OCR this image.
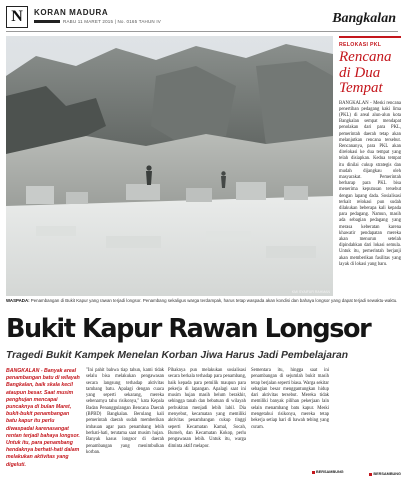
N KORAN MADURA
RABU 11 MARET 2015 | No. 0165 TAHUN IV	Bangkalan
KM/ SYAIFUR RAHMAN
WASPADA: Penambangan di Bukit Kapur yang rawan terjadi longsor. Penambang sekaligus warga terdampak, harus tetap waspada akan kondisi dan bahaya longsor yang dapat terjadi sewaktu-waktu.
Bukit Kapur Rawan Longsor
Tragedi Bukit Kampek Menelan Korban Jiwa Harus Jadi Pembelajaran
BANGKALAN - Banyak areal penambangan batu di wilayah Bangkalan, baik skala kecil ataupun besar. Saat musim penghujan mencapai puncaknya di bulan Maret, bukit-bukit penambangan batu kapur itu perlu diwaspadai karenasangat rentan terjadi bahaya longsor. Untuk itu, para penambang hendaknya berhati-hati dalam melakukan aktivitas yang digeluti.
"Ini pahit bahwa tiap tahun, kami tidak selalu bisa melakukan pengawasan secara langsung terhadap aktivitas tambang batu. Apalagi dengan cuaca yang seperti sekarang, mereka sebenarnya tahu risikonya," kata Kepala Badan Penanggulangan Bencana Daerah (BPBD) Bangkalan. Berulang kali pemerintah daerah sudah memberikan imbauan agar para penambang lebih berhati-hati, terutama saat musim hujan. Banyak kasus longsor di daerah penambangan yang menimbulkan korban.
Pihaknya pun melakukan sosialisasi secara berkala terhadap para penambang, baik kepada para pemilik maupun para pekerja di lapangan. Apalagi saat ini musim hujan masih belum berakhir, sehingga tanah dan bebatuan di wilayah perbukitan menjadi lebih labil. Dia menyebut, kecamatan yang memiliki aktivitas penambangan cukup tinggi seperti Kecamatan Kamal, Socah, Burneh, dan Kecamatan Kokop, perlu pengawasan lebih. Untuk itu, warga diminta aktif melapor.
Sementara itu, hingga saat ini penambangan di sejumlah bukit masih tetap berjalan seperti biasa. Warga sekitar sebagian besar menggantungkan hidup dari aktivitas tersebut. Mereka tidak memiliki banyak pilihan pekerjaan lain selain menambang batu kapur. Meski mengetahui risikonya, mereka tetap bekerja setiap hari di bawah tebing yang curam.
BERSAMBUNG
RELOKASI PKL
Rencana di Dua Tempat
BANGKALAN - Meski rencana penertiban pedagang kaki lima (PKL) di areal alun-alun kota Bangkalan sempat mendapat penolakan dari para PKL, pemerintah daerah tetap akan melanjutkan rencana tersebut. Rencananya, para PKL akan direlokasi ke dua tempat yang telah disiapkan. Kedua tempat itu dinilai cukup strategis dan mudah dijangkau oleh masyarakat. Pemerintah berharap para PKL bisa menerima keputusan tersebut dengan lapang dada. Sosialisasi terkait relokasi pun sudah dilakukan beberapa kali kepada para pedagang. Namun, masih ada sebagian pedagang yang merasa keberatan karena khawatir pendapatan mereka akan menurun setelah dipindahkan dari lokasi semula. Untuk itu, pemerintah berjanji akan memberikan fasilitas yang layak di lokasi yang baru.
BERSAMBUNG
